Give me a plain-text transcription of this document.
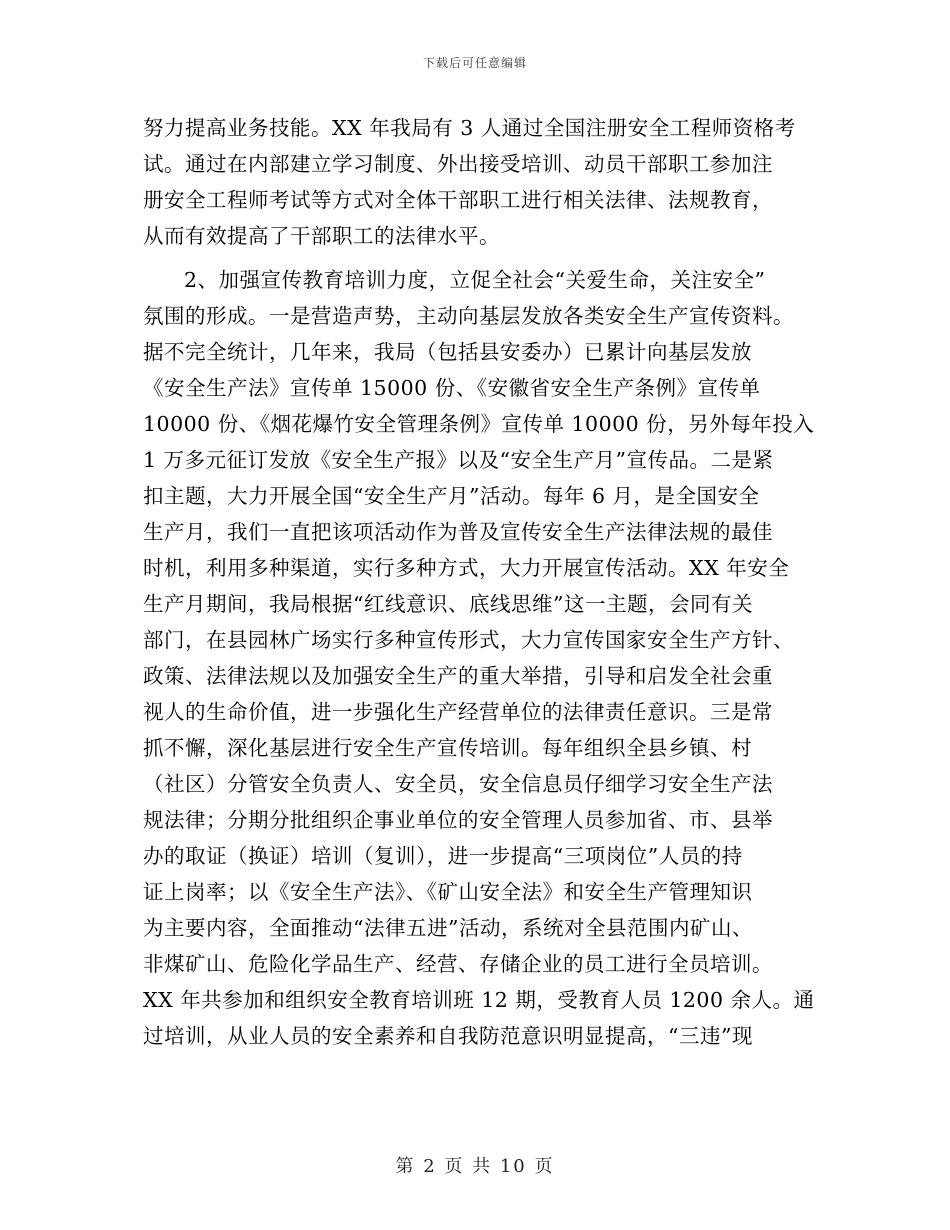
下载后可任意编辑
努力提高业务技能。XX 年我局有 3 人通过全国注册安全工程师资格考
试。通过在内部建立学习制度、外出接受培训、动员干部职工参加注
册安全工程师考试等方式对全体干部职工进行相关法律、法规教育，
从而有效提高了干部职工的法律水平。
2、加强宣传教育培训力度，立促全社会“关爱生命，关注安全”
氛围的形成。一是营造声势，主动向基层发放各类安全生产宣传资料。
据不完全统计，几年来，我局（包括县安委办）已累计向基层发放
《安全生产法》宣传单 15000 份、《安徽省安全生产条例》宣传单
10000 份、《烟花爆竹安全管理条例》宣传单 10000 份，另外每年投入
1 万多元征订发放《安全生产报》以及“安全生产月”宣传品。二是紧
扣主题，大力开展全国“安全生产月”活动。每年 6 月，是全国安全
生产月，我们一直把该项活动作为普及宣传安全生产法律法规的最佳
时机，利用多种渠道，实行多种方式，大力开展宣传活动。XX 年安全
生产月期间，我局根据“红线意识、底线思维”这一主题，会同有关
部门，在县园林广场实行多种宣传形式，大力宣传国家安全生产方针、
政策、法律法规以及加强安全生产的重大举措，引导和启发全社会重
视人的生命价值，进一步强化生产经营单位的法律责任意识。三是常
抓不懈，深化基层进行安全生产宣传培训。每年组织全县乡镇、村
（社区）分管安全负责人、安全员，安全信息员仔细学习安全生产法
规法律；分期分批组织企事业单位的安全管理人员参加省、市、县举
办的取证（换证）培训（复训），进一步提高“三项岗位”人员的持
证上岗率；以《安全生产法》、《矿山安全法》和安全生产管理知识
为主要内容，全面推动“法律五进”活动，系统对全县范围内矿山、
非煤矿山、危险化学品生产、经营、存储企业的员工进行全员培训。
XX 年共参加和组织安全教育培训班 12 期，受教育人员 1200 余人。通
过培训，从业人员的安全素养和自我防范意识明显提高，“三违”现
第 2 页 共 10 页
